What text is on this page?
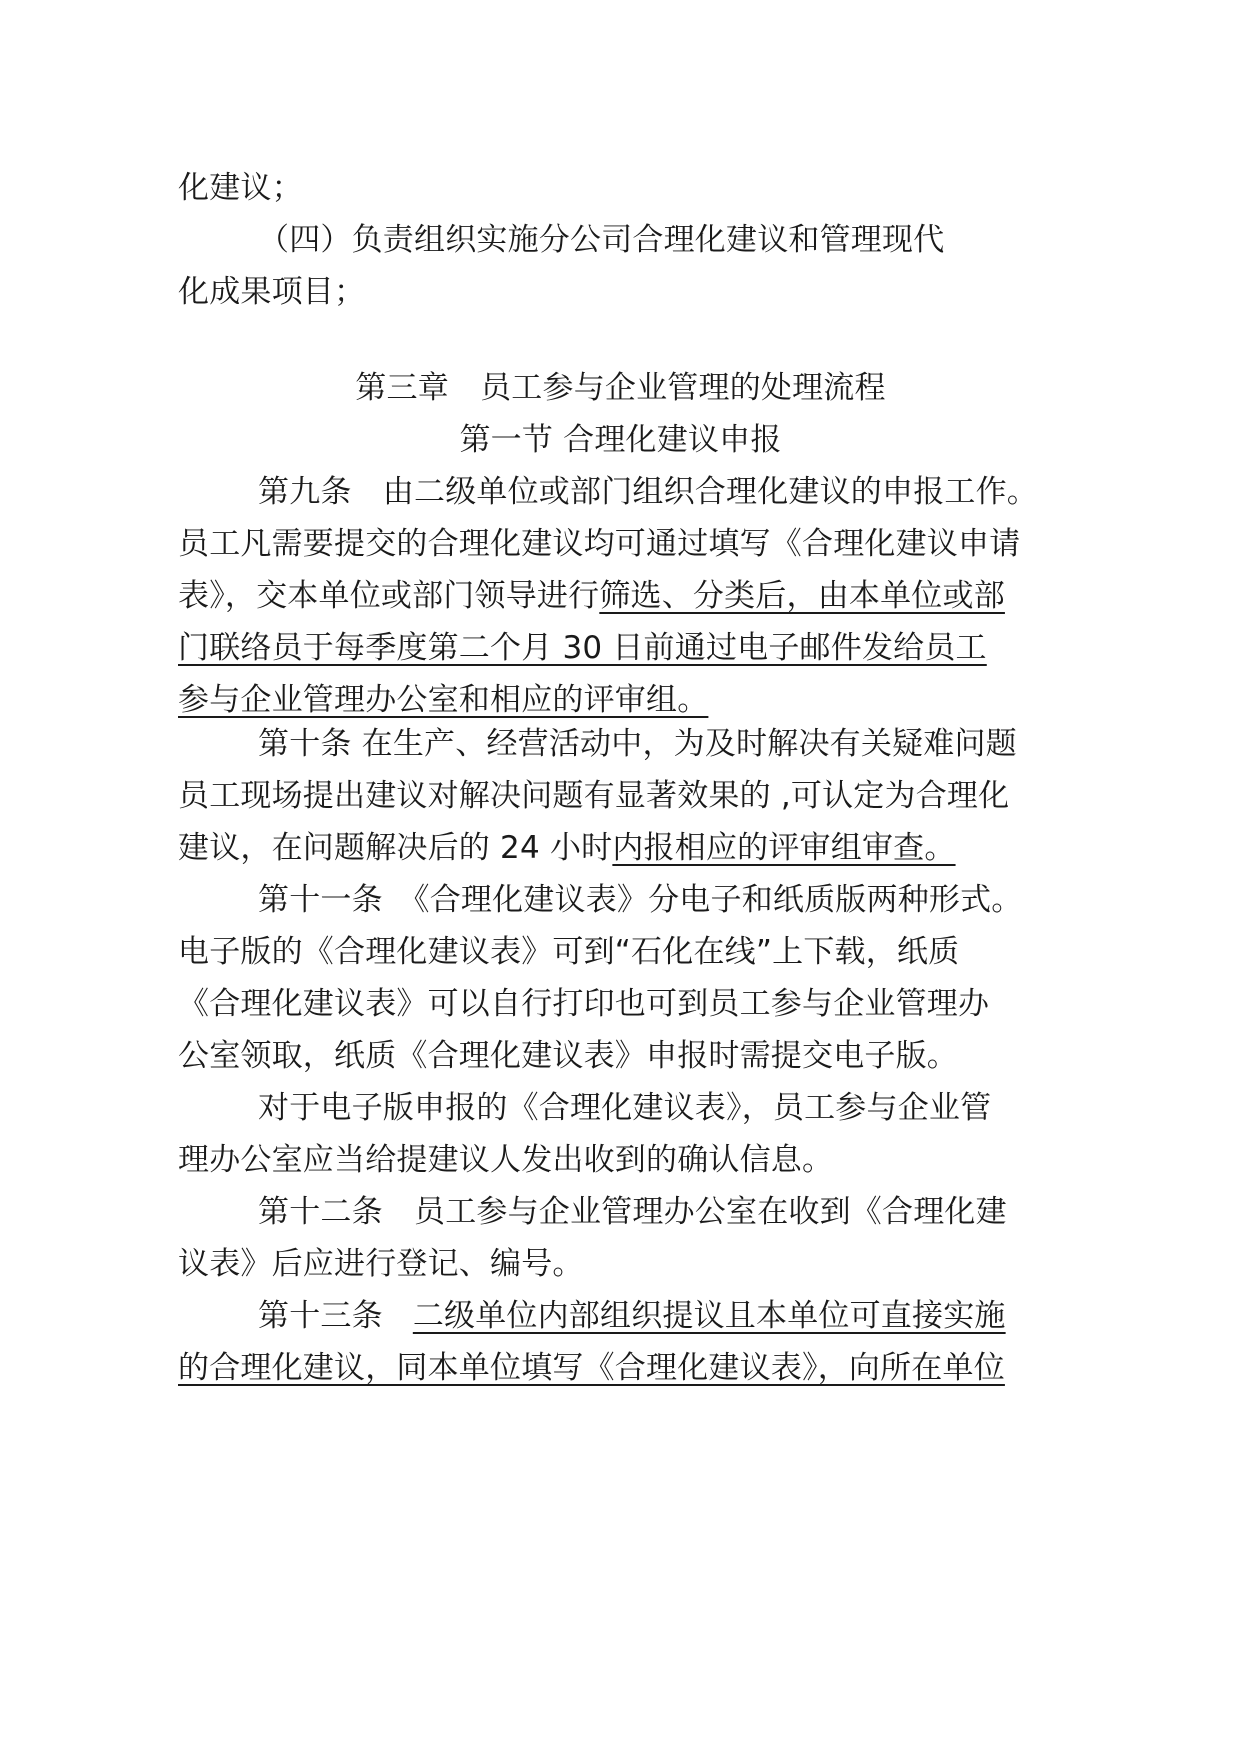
化建议；
（四）负责组织实施分公司合理化建议和管理现代
化成果项目；
第三章　员工参与企业管理的处理流程
第一节 合理化建议申报
第九条　由二级单位或部门组织合理化建议的申报工作。
员工凡需要提交的合理化建议均可通过填写《合理化建议申请
表》，交本单位或部门领导进行筛选、分类后，由本单位或部
门联络员于每季度第二个月 30 日前通过电子邮件发给员工
参与企业管理办公室和相应的评审组。
第十条 在生产、经营活动中，为及时解决有关疑难问题
员工现场提出建议对解决问题有显著效果的 ,可认定为合理化
建议，在问题解决后的 24 小时内报相应的评审组审查。
第十一条　《合理化建议表》分电子和纸质版两种形式。
电子版的《合理化建议表》可到“石化在线”上下载，纸质
《合理化建议表》可以自行打印也可到员工参与企业管理办
公室领取，纸质《合理化建议表》申报时需提交电子版。
对于电子版申报的《合理化建议表》，员工参与企业管
理办公室应当给提建议人发出收到的确认信息。
第十二条　员工参与企业管理办公室在收到《合理化建
议表》后应进行登记、编号。
第十三条 二级单位内部组织提议且本单位可直接实施
的合理化建议，同本单位填写《合理化建议表》，向所在单位
